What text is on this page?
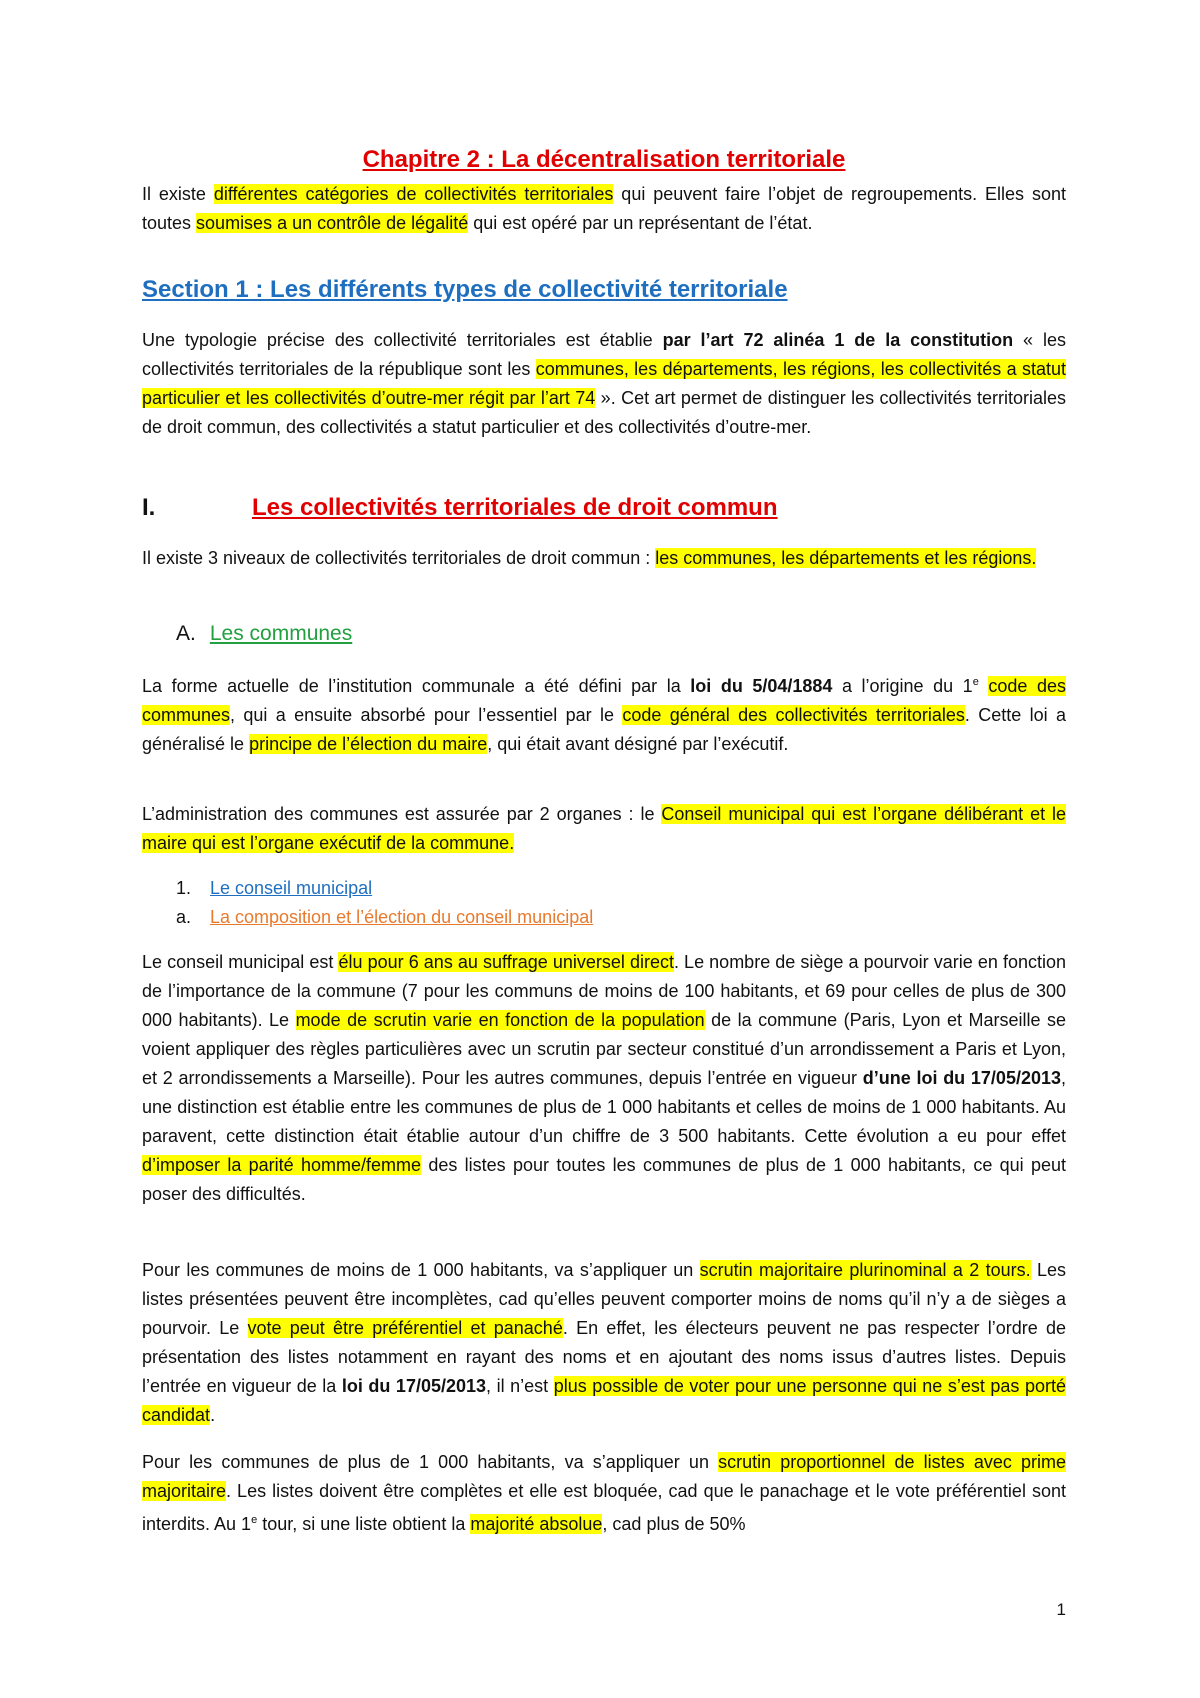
Chapitre 2 : La décentralisation territoriale

Il existe différentes catégories de collectivités territoriales qui peuvent faire l’objet de regroupements. Elles sont toutes soumises a un contrôle de légalité qui est opéré par un représentant de l’état.

Section 1 : Les différents types de collectivité territoriale

Une typologie précise des collectivité territoriales est établie par l’art 72 alinéa 1 de la constitution « les collectivités territoriales de la république sont les communes, les départements, les régions, les collectivités a statut particulier et les collectivités d’outre-mer régit par l’art 74 ». Cet art permet de distinguer les collectivités territoriales de droit commun, des collectivités a statut particulier et des collectivités d’outre-mer.

I.	Les collectivités territoriales de droit commun

Il existe 3 niveaux de collectivités territoriales de droit commun : les communes, les départements et les régions.

A. Les communes

La forme actuelle de l’institution communale a été défini par la loi du 5/04/1884 a l’origine du 1e code des communes, qui a ensuite absorbé pour l’essentiel par le code général des collectivités territoriales. Cette loi a généralisé le principe de l’élection du maire, qui était avant désigné par l’exécutif.

L’administration des communes est assurée par 2 organes : le Conseil municipal qui est l’organe délibérant et le maire qui est l’organe exécutif de la commune.

1. Le conseil municipal
a. La composition et l’élection du conseil municipal

Le conseil municipal est élu pour 6 ans au suffrage universel direct. Le nombre de siège a pourvoir varie en fonction de l’importance de la commune (7 pour les communs de moins de 100 habitants, et 69 pour celles de plus de 300 000 habitants). Le mode de scrutin varie en fonction de la population de la commune (Paris, Lyon et Marseille se voient appliquer des règles particulières avec un scrutin par secteur constitué d’un arrondissement a Paris et Lyon, et 2 arrondissements a Marseille). Pour les autres communes, depuis l’entrée en vigueur d’une loi du 17/05/2013, une distinction est établie entre les communes de plus de 1 000 habitants et celles de moins de 1 000 habitants. Au paravent, cette distinction était établie autour d’un chiffre de 3 500 habitants. Cette évolution a eu pour effet d’imposer la parité homme/femme des listes pour toutes les communes de plus de 1 000 habitants, ce qui peut poser des difficultés.

Pour les communes de moins de 1 000 habitants, va s’appliquer un scrutin majoritaire plurinominal a 2 tours. Les listes présentées peuvent être incomplètes, cad qu’elles peuvent comporter moins de noms qu’il n’y a de sièges a pourvoir. Le vote peut être préférentiel et panaché. En effet, les électeurs peuvent ne pas respecter l’ordre de présentation des listes notamment en rayant des noms et en ajoutant des noms issus d’autres listes. Depuis l’entrée en vigueur de la loi du 17/05/2013, il n’est plus possible de voter pour une personne qui ne s’est pas porté candidat.

Pour les communes de plus de 1 000 habitants, va s’appliquer un scrutin proportionnel de listes avec prime majoritaire. Les listes doivent être complètes et elle est bloquée, cad que le panachage et le vote préférentiel sont interdits. Au 1e tour, si une liste obtient la majorité absolue, cad plus de 50%

1
